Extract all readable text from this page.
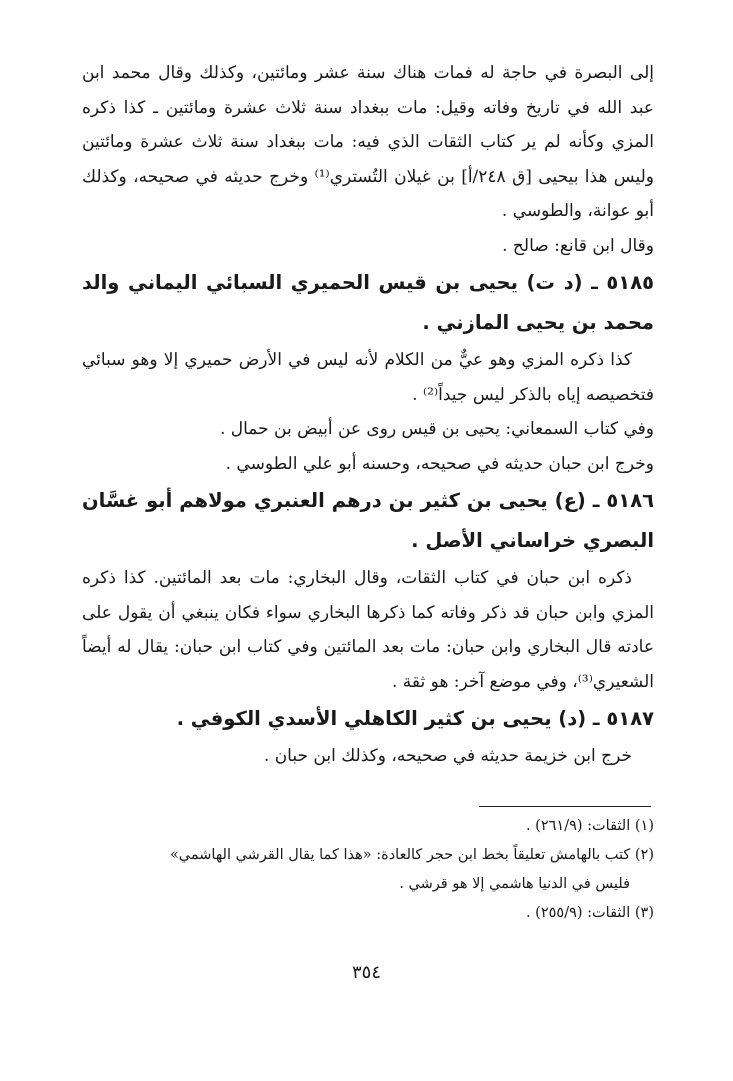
إلى البصرة في حاجة له فمات هناك سنة عشر ومائتين، وكذلك وقال محمد ابن عبد الله في تاريخ وفاته وقيل: مات ببغداد سنة ثلاث عشرة ومائتين ـ كذا ذكره المزي وكأنه لم ير كتاب الثقات الذي فيه: مات ببغداد سنة ثلاث عشرة ومائتين وليس هذا بيحيى [ق ٢٤٨/أ] بن غيلان التُستري⁽¹⁾ وخرج حديثه في صحيحه، وكذلك أبو عوانة، والطوسي .

وقال ابن قانع: صالح .

٥١٨٥ ـ (د ت) يحيى بن قيس الحميري السبائي اليماني والد محمد بن يحيى المازني .

كذا ذكره المزي وهو عيٌّ من الكلام لأنه ليس في الأرض حميري إلا وهو سبائي فتخصيصه إياه بالذكر ليس جيداً⁽²⁾ .

وفي كتاب السمعاني: يحيى بن قيس روى عن أبيض بن حمال .

وخرج ابن حبان حديثه في صحيحه، وحسنه أبو علي الطوسي .

٥١٨٦ ـ (ع) يحيى بن كثير بن درهم العنبري مولاهم أبو غسَّان البصري خراساني الأصل .

ذكره ابن حبان في كتاب الثقات، وقال البخاري: مات بعد المائتين. كذا ذكره المزي وابن حبان قد ذكر وفاته كما ذكرها البخاري سواء فكان ينبغي أن يقول على عادته قال البخاري وابن حبان: مات بعد المائتين وفي كتاب ابن حبان: يقال له أيضاً الشعيري⁽³⁾، وفي موضع آخر: هو ثقة .

٥١٨٧ ـ (د) يحيى بن كثير الكاهلي الأسدي الكوفي .

خرج ابن خزيمة حديثه في صحيحه، وكذلك ابن حبان .

(١) الثقات: (٢٦١/٩) .

(٢) كتب بالهامش تعليقاً بخط ابن حجر كالعادة: «هذا كما يقال القرشي الهاشمي»

فليس في الدنيا هاشمي إلا هو قرشي .

(٣) الثقات: (٢٥٥/٩) .

٣٥٤
